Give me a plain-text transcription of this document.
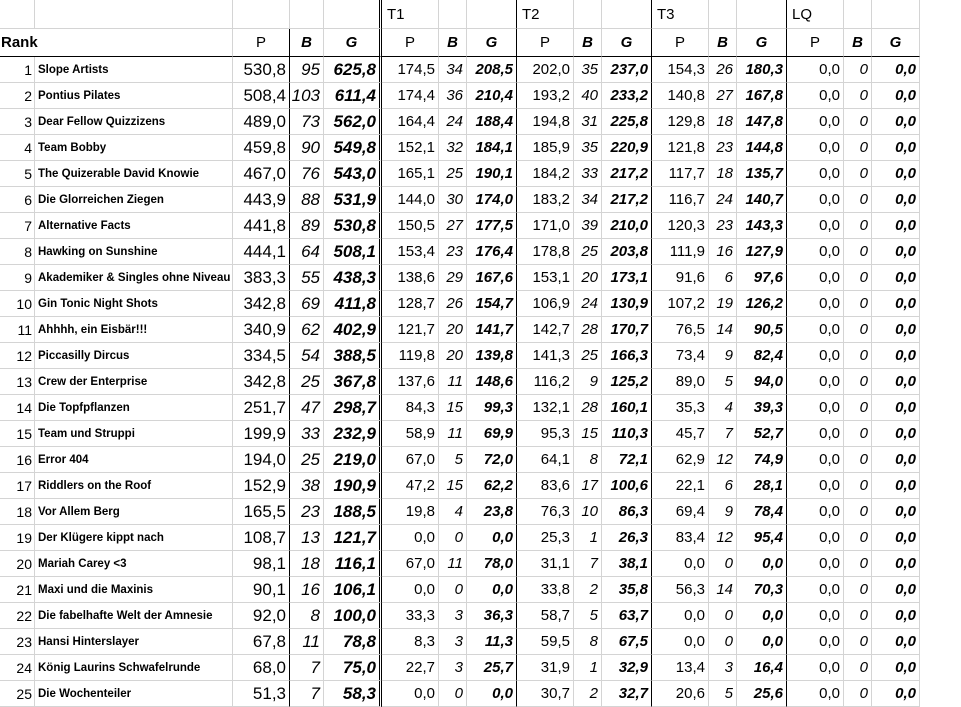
					T1			T2			T3			LQ		
Rank		P	B	G	P	B	G	P	B	G	P	B	G	P	B	G
1	Slope Artists	530,8	95	625,8	174,5	34	208,5	202,0	35	237,0	154,3	26	180,3	0,0	0	0,0
2	Pontius Pilates	508,4	103	611,4	174,4	36	210,4	193,2	40	233,2	140,8	27	167,8	0,0	0	0,0
3	Dear Fellow Quizzizens	489,0	73	562,0	164,4	24	188,4	194,8	31	225,8	129,8	18	147,8	0,0	0	0,0
4	Team Bobby	459,8	90	549,8	152,1	32	184,1	185,9	35	220,9	121,8	23	144,8	0,0	0	0,0
5	The Quizerable David Knowie	467,0	76	543,0	165,1	25	190,1	184,2	33	217,2	117,7	18	135,7	0,0	0	0,0
6	Die Glorreichen Ziegen	443,9	88	531,9	144,0	30	174,0	183,2	34	217,2	116,7	24	140,7	0,0	0	0,0
7	Alternative Facts	441,8	89	530,8	150,5	27	177,5	171,0	39	210,0	120,3	23	143,3	0,0	0	0,0
8	Hawking on Sunshine	444,1	64	508,1	153,4	23	176,4	178,8	25	203,8	111,9	16	127,9	0,0	0	0,0
9	Akademiker & Singles ohne Niveau	383,3	55	438,3	138,6	29	167,6	153,1	20	173,1	91,6	6	97,6	0,0	0	0,0
10	Gin Tonic Night Shots	342,8	69	411,8	128,7	26	154,7	106,9	24	130,9	107,2	19	126,2	0,0	0	0,0
11	Ahhhh, ein Eisbär!!!	340,9	62	402,9	121,7	20	141,7	142,7	28	170,7	76,5	14	90,5	0,0	0	0,0
12	Piccasilly Dircus	334,5	54	388,5	119,8	20	139,8	141,3	25	166,3	73,4	9	82,4	0,0	0	0,0
13	Crew der Enterprise	342,8	25	367,8	137,6	11	148,6	116,2	9	125,2	89,0	5	94,0	0,0	0	0,0
14	Die Topfpflanzen	251,7	47	298,7	84,3	15	99,3	132,1	28	160,1	35,3	4	39,3	0,0	0	0,0
15	Team und Struppi	199,9	33	232,9	58,9	11	69,9	95,3	15	110,3	45,7	7	52,7	0,0	0	0,0
16	Error 404	194,0	25	219,0	67,0	5	72,0	64,1	8	72,1	62,9	12	74,9	0,0	0	0,0
17	Riddlers on the Roof	152,9	38	190,9	47,2	15	62,2	83,6	17	100,6	22,1	6	28,1	0,0	0	0,0
18	Vor Allem Berg	165,5	23	188,5	19,8	4	23,8	76,3	10	86,3	69,4	9	78,4	0,0	0	0,0
19	Der Klügere kippt nach	108,7	13	121,7	0,0	0	0,0	25,3	1	26,3	83,4	12	95,4	0,0	0	0,0
20	Mariah Carey <3	98,1	18	116,1	67,0	11	78,0	31,1	7	38,1	0,0	0	0,0	0,0	0	0,0
21	Maxi und die Maxinis	90,1	16	106,1	0,0	0	0,0	33,8	2	35,8	56,3	14	70,3	0,0	0	0,0
22	Die fabelhafte Welt der Amnesie	92,0	8	100,0	33,3	3	36,3	58,7	5	63,7	0,0	0	0,0	0,0	0	0,0
23	Hansi Hinterslayer	67,8	11	78,8	8,3	3	11,3	59,5	8	67,5	0,0	0	0,0	0,0	0	0,0
24	König Laurins Schwafelrunde	68,0	7	75,0	22,7	3	25,7	31,9	1	32,9	13,4	3	16,4	0,0	0	0,0
25	Die Wochenteiler	51,3	7	58,3	0,0	0	0,0	30,7	2	32,7	20,6	5	25,6	0,0	0	0,0
